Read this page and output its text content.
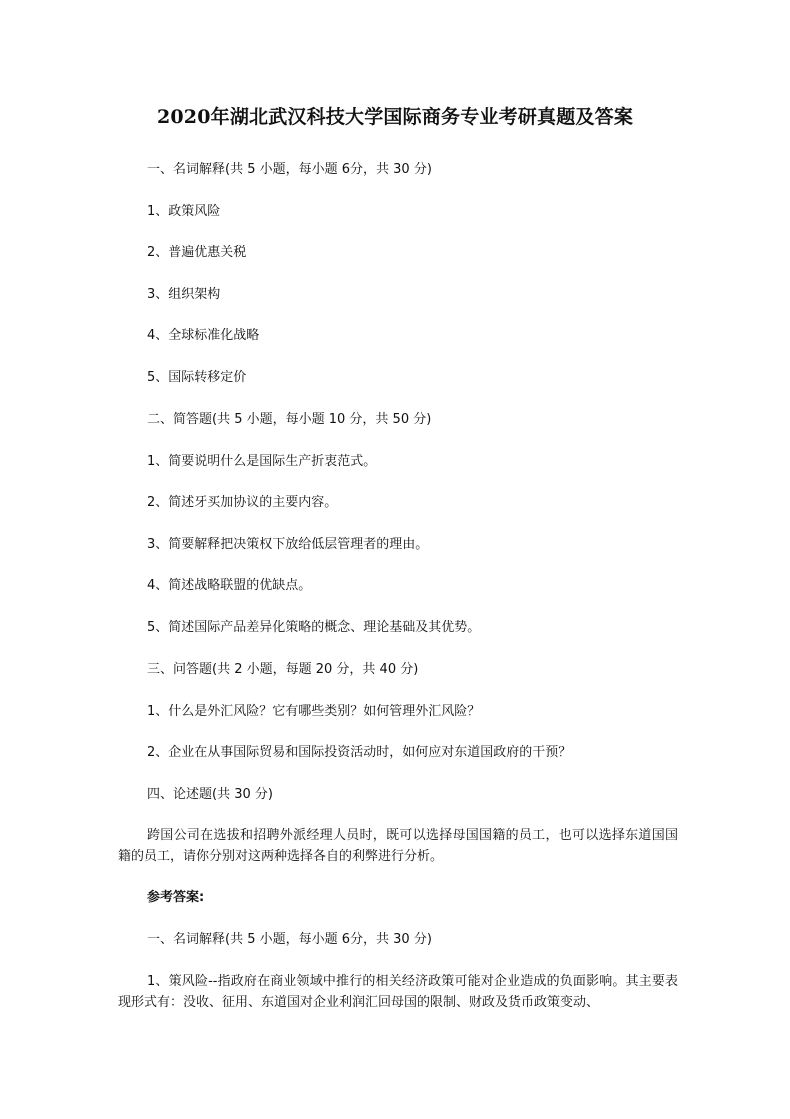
2020年湖北武汉科技大学国际商务专业考研真题及答案
一、名词解释(共 5 小题，每小题 6分，共 30 分)
1、政策风险
2、普遍优惠关税
3、组织架构
4、全球标准化战略
5、国际转移定价
二、简答题(共 5 小题，每小题 10 分，共 50 分)
1、简要说明什么是国际生产折衷范式。
2、简述牙买加协议的主要内容。
3、简要解释把决策权下放给低层管理者的理由。
4、简述战略联盟的优缺点。
5、简述国际产品差异化策略的概念、理论基础及其优势。
三、问答题(共 2 小题，每题 20 分，共 40 分)
1、什么是外汇风险？它有哪些类别？如何管理外汇风险？
2、企业在从事国际贸易和国际投资活动时，如何应对东道国政府的干预？
四、论述题(共 30 分)
跨国公司在选拔和招聘外派经理人员时，既可以选择母国国籍的员工，也可以选择东道国国籍的员工，请你分别对这两种选择各自的利弊进行分析。
参考答案:
一、名词解释(共 5 小题，每小题 6分，共 30 分)
1、策风险--指政府在商业领域中推行的相关经济政策可能对企业造成的负面影响。其主要表现形式有：没收、征用、东道国对企业利润汇回母国的限制、财政及货币政策变动、
